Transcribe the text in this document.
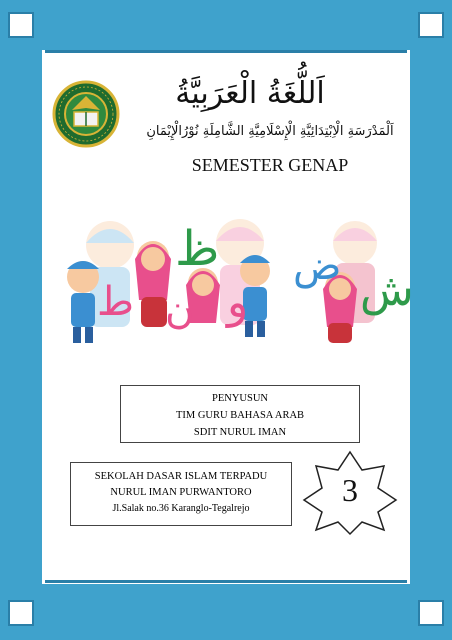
اَللُّغَةُ الْعَرَبِيَّةُ
اَلْمَدْرَسَةِ الْاِبْتِدَائِيَّةِ الْإِسْلَامِيَّةِ الشَّامِلَةِ نُوْرُالْإِيْمَانِ
SEMESTER GENAP
ظ ض ش
و
ن
ط
PENYUSUN
TIM GURU BAHASA ARAB
SDIT NURUL IMAN
SEKOLAH DASAR ISLAM TERPADU
NURUL IMAN PURWANTORO
Jl.Salak no.36 Karanglo-Tegalrejo
3
